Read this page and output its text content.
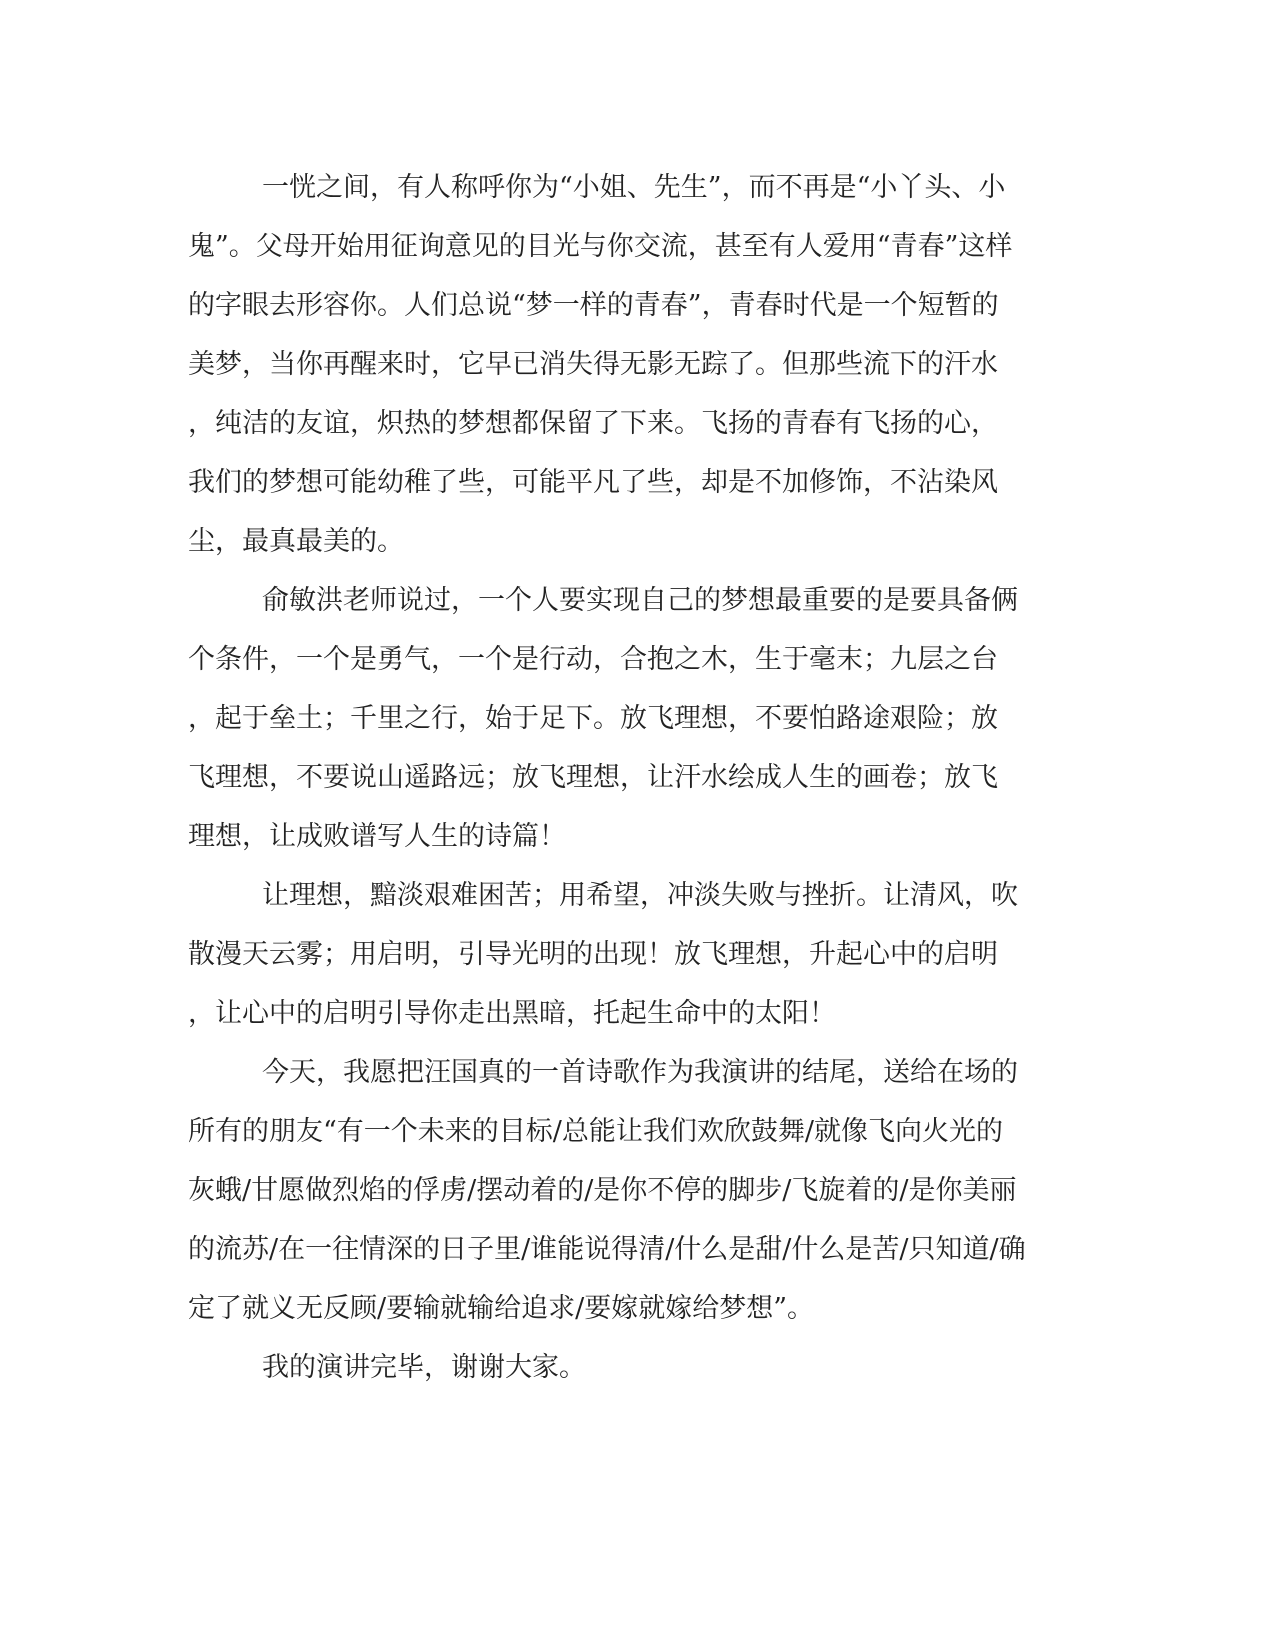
一恍之间，有人称呼你为“小姐、先生”，而不再是“小丫头、小
鬼”。父母开始用征询意见的目光与你交流，甚至有人爱用“青春”这样
的字眼去形容你。人们总说“梦一样的青春”，青春时代是一个短暂的
美梦，当你再醒来时，它早已消失得无影无踪了。但那些流下的汗水
，纯洁的友谊，炽热的梦想都保留了下来。飞扬的青春有飞扬的心，
我们的梦想可能幼稚了些，可能平凡了些，却是不加修饰，不沾染风
尘，最真最美的。

俞敏洪老师说过，一个人要实现自己的梦想最重要的是要具备俩
个条件，一个是勇气，一个是行动，合抱之木，生于毫末；九层之台
，起于垒土；千里之行，始于足下。放飞理想，不要怕路途艰险；放
飞理想，不要说山遥路远；放飞理想，让汗水绘成人生的画卷；放飞
理想，让成败谱写人生的诗篇！

让理想，黯淡艰难困苦；用希望，冲淡失败与挫折。让清风，吹
散漫天云雾；用启明，引导光明的出现！放飞理想，升起心中的启明
，让心中的启明引导你走出黑暗，托起生命中的太阳！

今天，我愿把汪国真的一首诗歌作为我演讲的结尾，送给在场的
所有的朋友“有一个未来的目标/总能让我们欢欣鼓舞/就像飞向火光的
灰蛾/甘愿做烈焰的俘虏/摆动着的/是你不停的脚步/飞旋着的/是你美丽
的流苏/在一往情深的日子里/谁能说得清/什么是甜/什么是苦/只知道/确
定了就义无反顾/要输就输给追求/要嫁就嫁给梦想”。

我的演讲完毕，谢谢大家。
